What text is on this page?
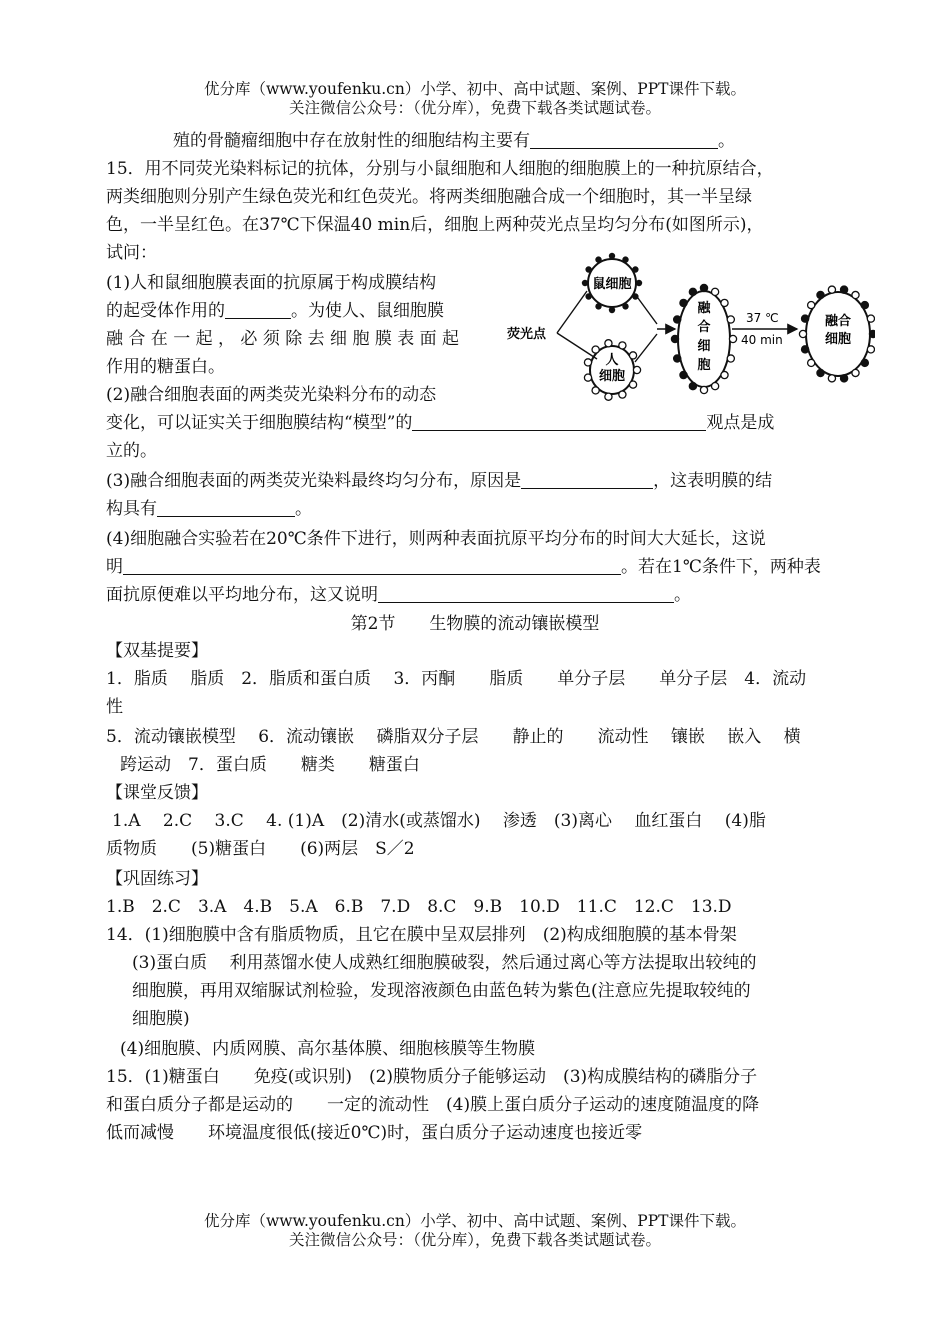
优分库（www.youfenku.cn）小学、初中、高中试题、案例、PPT课件下载。
关注微信公众号：（优分库），免费下载各类试题试卷。
殖的骨髓瘤细胞中存在放射性的细胞结构主要有	。
15．用不同荧光染料标记的抗体，分别与小鼠细胞和人细胞的细胞膜上的一种抗原结合，
两类细胞则分别产生绿色荧光和红色荧光。将两类细胞融合成一个细胞时，其一半呈绿
色，一半呈红色。在37℃下保温40 min后，细胞上两种荧光点呈均匀分布(如图所示)，
试问：
(1)人和鼠细胞膜表面的抗原属于构成膜结构
的起受体作用的	。为使人、鼠细胞膜
融 合 在 一 起 ， 必 须 除 去 细 胞 膜 表 面 起
作用的糖蛋白。
(2)融合细胞表面的两类荧光染料分布的动态
变化，可以证实关于细胞膜结构“模型”的	观点是成
立的。
(3)融合细胞表面的两类荧光染料最终均匀分布，原因是	，这表明膜的结
构具有	。
(4)细胞融合实验若在20℃条件下进行，则两种表面抗原平均分布的时间大大延长，这说
明	。若在1℃条件下，两种表
面抗原便难以平均地分布，这又说明	。
荧光点
37 ℃
40 min
鼠细胞
人
细胞
融
合
细
胞
融合
细胞
第2节　　生物膜的流动镶嵌模型
【双基提要】
1．脂质　 脂质　2．脂质和蛋白质　 3．丙酮　　脂质　　单分子层　　单分子层　4．流动
性
5．流动镶嵌模型　 6．流动镶嵌　 磷脂双分子层　　静止的　　流动性　 镶嵌　 嵌入　 横
跨运动　7．蛋白质　　糖类　　糖蛋白
【课堂反馈】
1.A　 2.C　 3.C　 4. (1)A　(2)清水(或蒸馏水)　 渗透　(3)离心　 血红蛋白　 (4)脂
质物质　　(5)糖蛋白　　(6)两层　S／2
【巩固练习】
1.B　2.C　3.A　4.B　5.A　6.B　7.D　8.C　9.B　10.D　11.C　12.C　13.D
14．(1)细胞膜中含有脂质物质，且它在膜中呈双层排列　(2)构成细胞膜的基本骨架
(3)蛋白质　 利用蒸馏水使人成熟红细胞膜破裂，然后通过离心等方法提取出较纯的
细胞膜，再用双缩脲试剂检验，发现溶液颜色由蓝色转为紫色(注意应先提取较纯的
细胞膜)
(4)细胞膜、内质网膜、高尔基体膜、细胞核膜等生物膜
15．(1)糖蛋白　　免疫(或识别)　(2)膜物质分子能够运动　(3)构成膜结构的磷脂分子
和蛋白质分子都是运动的　　一定的流动性　(4)膜上蛋白质分子运动的速度随温度的降
低而减慢　　环境温度很低(接近0℃)时，蛋白质分子运动速度也接近零
优分库（www.youfenku.cn）小学、初中、高中试题、案例、PPT课件下载。
关注微信公众号：（优分库），免费下载各类试题试卷。
